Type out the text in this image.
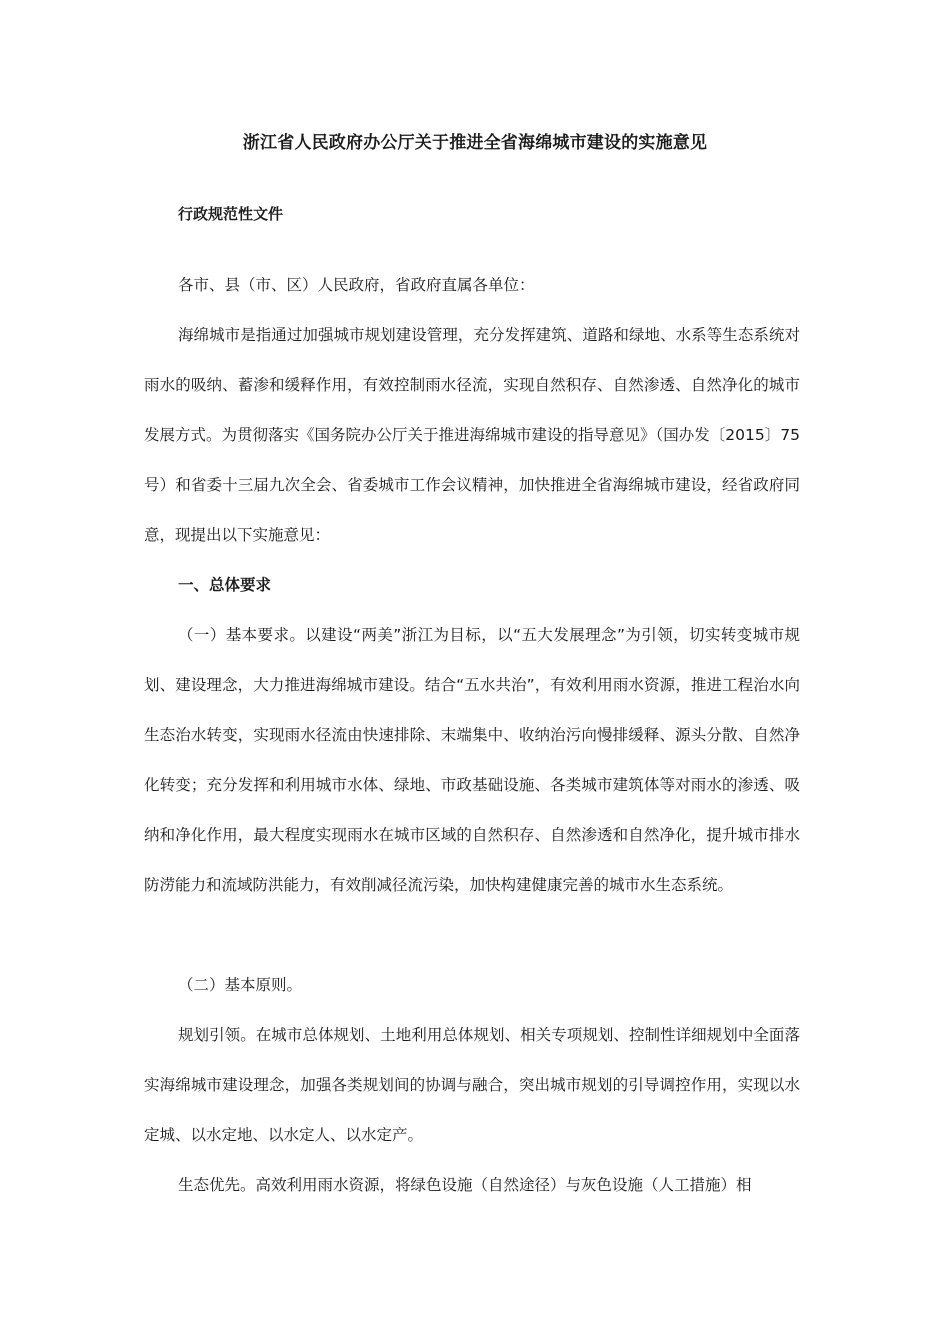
浙江省人民政府办公厅关于推进全省海绵城市建设的实施意见
行政规范性文件

各市、县（市、区）人民政府，省政府直属各单位：

海绵城市是指通过加强城市规划建设管理，充分发挥建筑、道路和绿地、水系等生态系统对雨水的吸纳、蓄渗和缓释作用，有效控制雨水径流，实现自然积存、自然渗透、自然净化的城市发展方式。为贯彻落实《国务院办公厅关于推进海绵城市建设的指导意见》（国办发〔2015〕75 号）和省委十三届九次全会、省委城市工作会议精神，加快推进全省海绵城市建设，经省政府同意，现提出以下实施意见：

一、总体要求

（一）基本要求。以建设“两美”浙江为目标，以“五大发展理念”为引领，切实转变城市规划、建设理念，大力推进海绵城市建设。结合“五水共治”，有效利用雨水资源，推进工程治水向生态治水转变，实现雨水径流由快速排除、末端集中、收纳治污向慢排缓释、源头分散、自然净化转变；充分发挥和利用城市水体、绿地、市政基础设施、各类城市建筑体等对雨水的渗透、吸纳和净化作用，最大程度实现雨水在城市区域的自然积存、自然渗透和自然净化，提升城市排水防涝能力和流域防洪能力，有效削减径流污染，加快构建健康完善的城市水生态系统。

（二）基本原则。

规划引领。在城市总体规划、土地利用总体规划、相关专项规划、控制性详细规划中全面落实海绵城市建设理念，加强各类规划间的协调与融合，突出城市规划的引导调控作用，实现以水定城、以水定地、以水定人、以水定产。

生态优先。高效利用雨水资源，将绿色设施（自然途径）与灰色设施（人工措施）相
